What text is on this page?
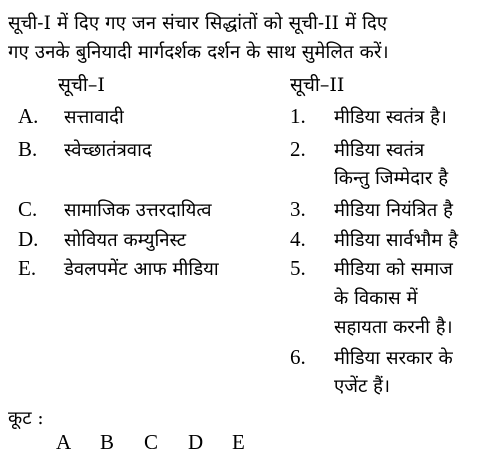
सूची-I में दिए गए जन संचार सिद्धांतों को सूची-II में दिए
गए उनके बुनियादी मार्गदर्शक दर्शन के साथ सुमेलित करें।
सूची–I	सूची–II
A. सत्तावादी
B. स्वेच्छातंत्रवाद
C. सामाजिक उत्तरदायित्व
D. सोवियत कम्युनिस्ट
E. डेवलपमेंट आफ मीडिया
1. मीडिया स्वतंत्र है।
2. मीडिया स्वतंत्र
किन्तु जिम्मेदार है
3. मीडिया नियंत्रित है
4. मीडिया सार्वभौम है
5. मीडिया को समाज
के विकास में
सहायता करनी है।
6. मीडिया सरकार के
एजेंट हैं।
कूट :
A B C D E
